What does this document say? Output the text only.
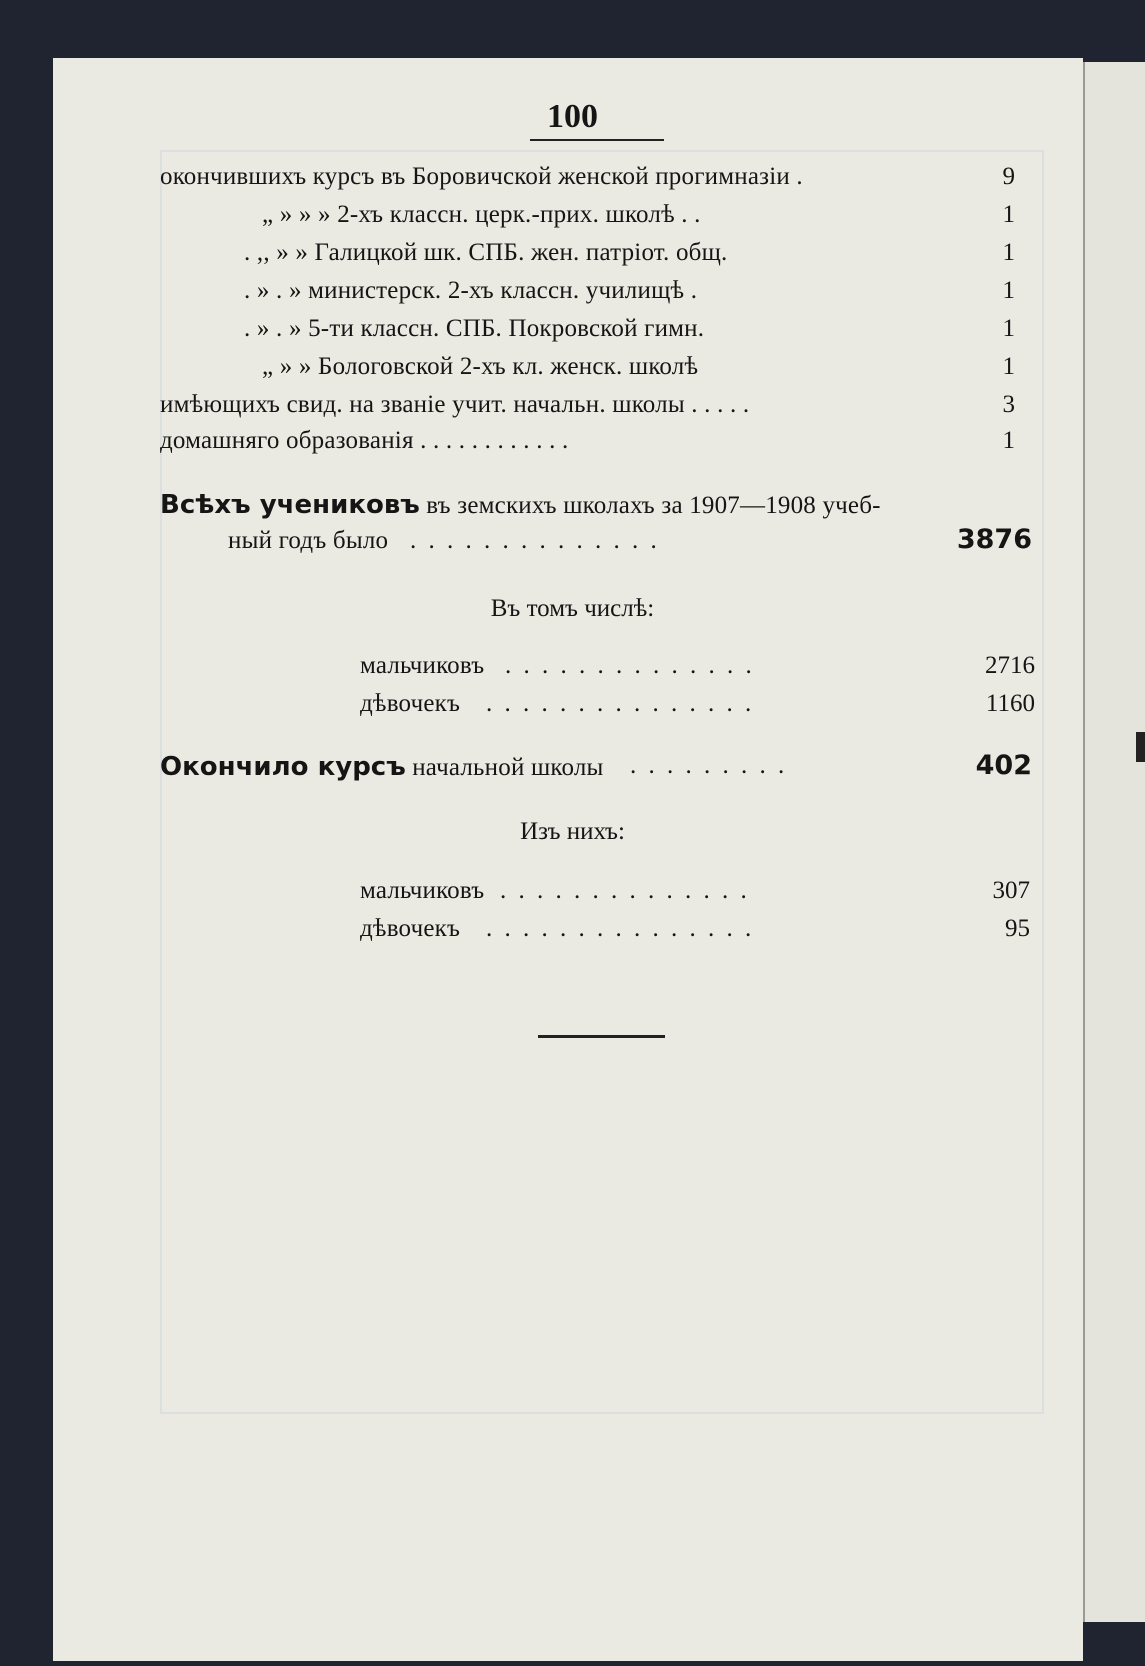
100
окончившихъ курсъ въ Боровичской женской прогимназiи .	9
„ » » » 2-хъ классн. церк.-прих. школѣ . .	1
. ,, » » Галицкой шк. СПБ. жен. патрiот. общ.	1
. » . » министерск. 2-хъ классн. училищѣ .	1
. » . » 5-ти классн. СПБ. Покровской гимн.	1
„ » » Бологовской 2-хъ кл. женск. школѣ	1
имѣющихъ свид. на званiе учит. начальн. школы . . . . .	3
домашняго образованiя . . . . . . . . . . . .	1
Всѣхъ учениковъ въ земскихъ школахъ за 1907—1908 учеб-
ный годъ было . . . . . . . . . . . . . .	3876
Въ томъ числѣ:
мальчиковъ . . . . . . . . . . . . . .	2716
дѣвочекъ . . . . . . . . . . . . . . .	1160
Окончило курсъ начальной школы . . . . . . . . .	402
Изъ нихъ:
мальчиковъ . . . . . . . . . . . . . .	307
дѣвочекъ . . . . . . . . . . . . . . .	95
